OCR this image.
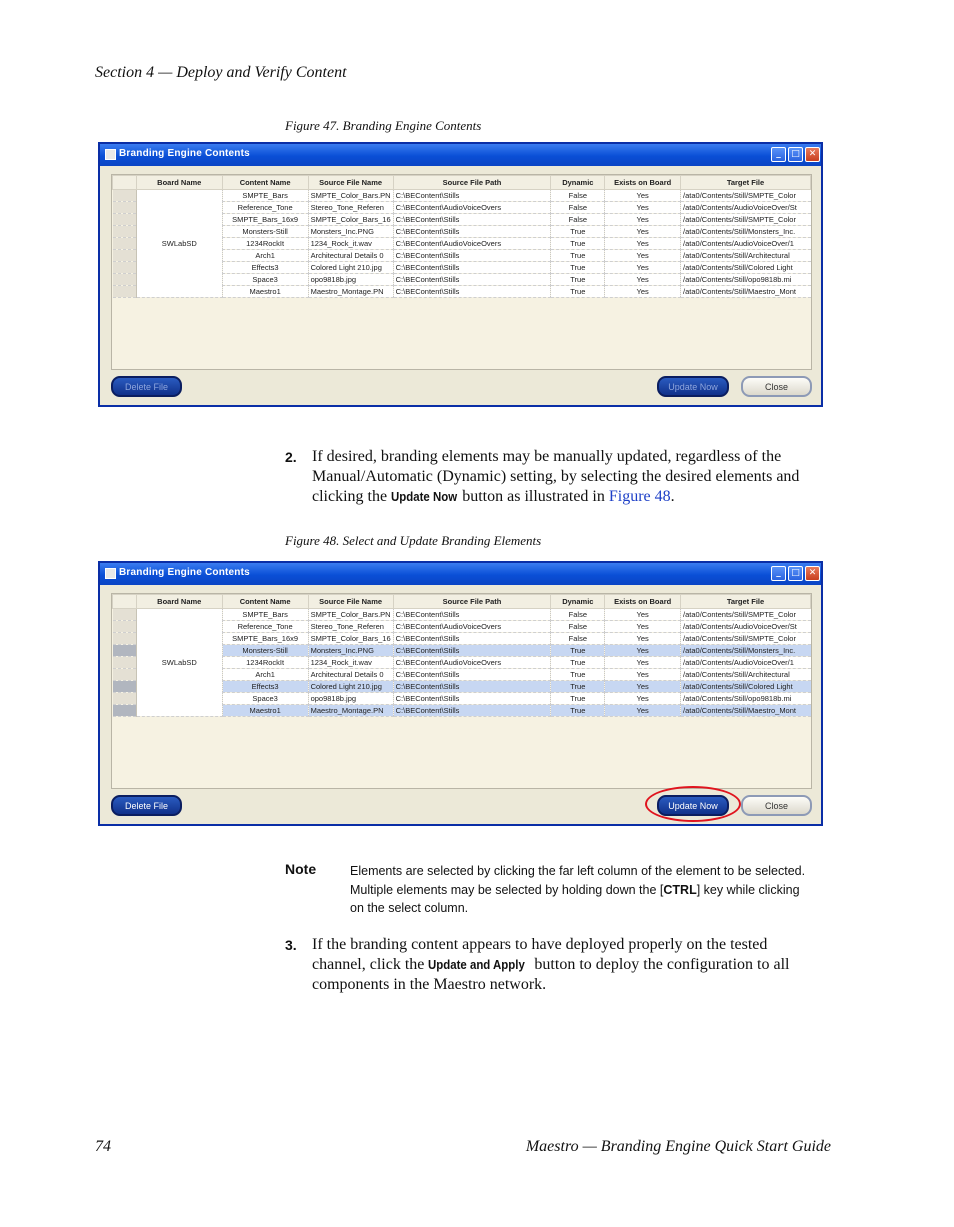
Section 4 — Deploy and Verify Content
Figure 47. Branding Engine Contents
Branding Engine Contents	_	□ ✕
	Board Name	Content Name	Source File Name	Source File Path	Dynamic	Exists on Board	Target File
	SWLabSD	SMPTE_Bars	SMPTE_Color_Bars.PN	C:\BEContent\Stills	False	Yes	/ata0/Contents/Still/SMPTE_Color
		Reference_Tone	Stereo_Tone_Referen	C:\BEContent\AudioVoiceOvers	False	Yes	/ata0/Contents/AudioVoiceOver/St
		SMPTE_Bars_16x9	SMPTE_Color_Bars_16	C:\BEContent\Stills	False	Yes	/ata0/Contents/Still/SMPTE_Color
		Monsters-Still	Monsters_Inc.PNG	C:\BEContent\Stills	True	Yes	/ata0/Contents/Still/Monsters_Inc.
		1234RockIt	1234_Rock_it.wav	C:\BEContent\AudioVoiceOvers	True	Yes	/ata0/Contents/AudioVoiceOver/1
		Arch1	Architectural Details 0	C:\BEContent\Stills	True	Yes	/ata0/Contents/Still/Architectural
		Effects3	Colored Light 210.jpg	C:\BEContent\Stills	True	Yes	/ata0/Contents/Still/Colored Light
		Space3	opo9818b.jpg	C:\BEContent\Stills	True	Yes	/ata0/Contents/Still/opo9818b.mi
		Maestro1	Maestro_Montage.PN	C:\BEContent\Stills	True	Yes	/ata0/Contents/Still/Maestro_Mont
Delete File	Update Now	Close
2. If desired, branding elements may be manually updated, regardless of the Manual/Automatic (Dynamic) setting, by selecting the desired elements and clicking the Update Now button as illustrated in Figure 48.
Figure 48. Select and Update Branding Elements
Branding Engine Contents	_	□ ✕
	Board Name	Content Name	Source File Name	Source File Path	Dynamic	Exists on Board	Target File
	SWLabSD	SMPTE_Bars	SMPTE_Color_Bars.PN	C:\BEContent\Stills	False	Yes	/ata0/Contents/Still/SMPTE_Color
		Reference_Tone	Stereo_Tone_Referen	C:\BEContent\AudioVoiceOvers	False	Yes	/ata0/Contents/AudioVoiceOver/St
		SMPTE_Bars_16x9	SMPTE_Color_Bars_16	C:\BEContent\Stills	False	Yes	/ata0/Contents/Still/SMPTE_Color
		Monsters-Still	Monsters_Inc.PNG	C:\BEContent\Stills	True	Yes	/ata0/Contents/Still/Monsters_Inc.
		1234RockIt	1234_Rock_it.wav	C:\BEContent\AudioVoiceOvers	True	Yes	/ata0/Contents/AudioVoiceOver/1
		Arch1	Architectural Details 0	C:\BEContent\Stills	True	Yes	/ata0/Contents/Still/Architectural
		Effects3	Colored Light 210.jpg	C:\BEContent\Stills	True	Yes	/ata0/Contents/Still/Colored Light
		Space3	opo9818b.jpg	C:\BEContent\Stills	True	Yes	/ata0/Contents/Still/opo9818b.mi
		Maestro1	Maestro_Montage.PN	C:\BEContent\Stills	True	Yes	/ata0/Contents/Still/Maestro_Mont
Delete File	Update Now	Close
Note	Elements are selected by clicking the far left column of the element to be selected. Multiple elements may be selected by holding down the [CTRL] key while clicking on the select column.
3. If the branding content appears to have deployed properly on the tested channel, click the Update and Apply button to deploy the configuration to all components in the Maestro network.
74	Maestro — Branding Engine Quick Start Guide
